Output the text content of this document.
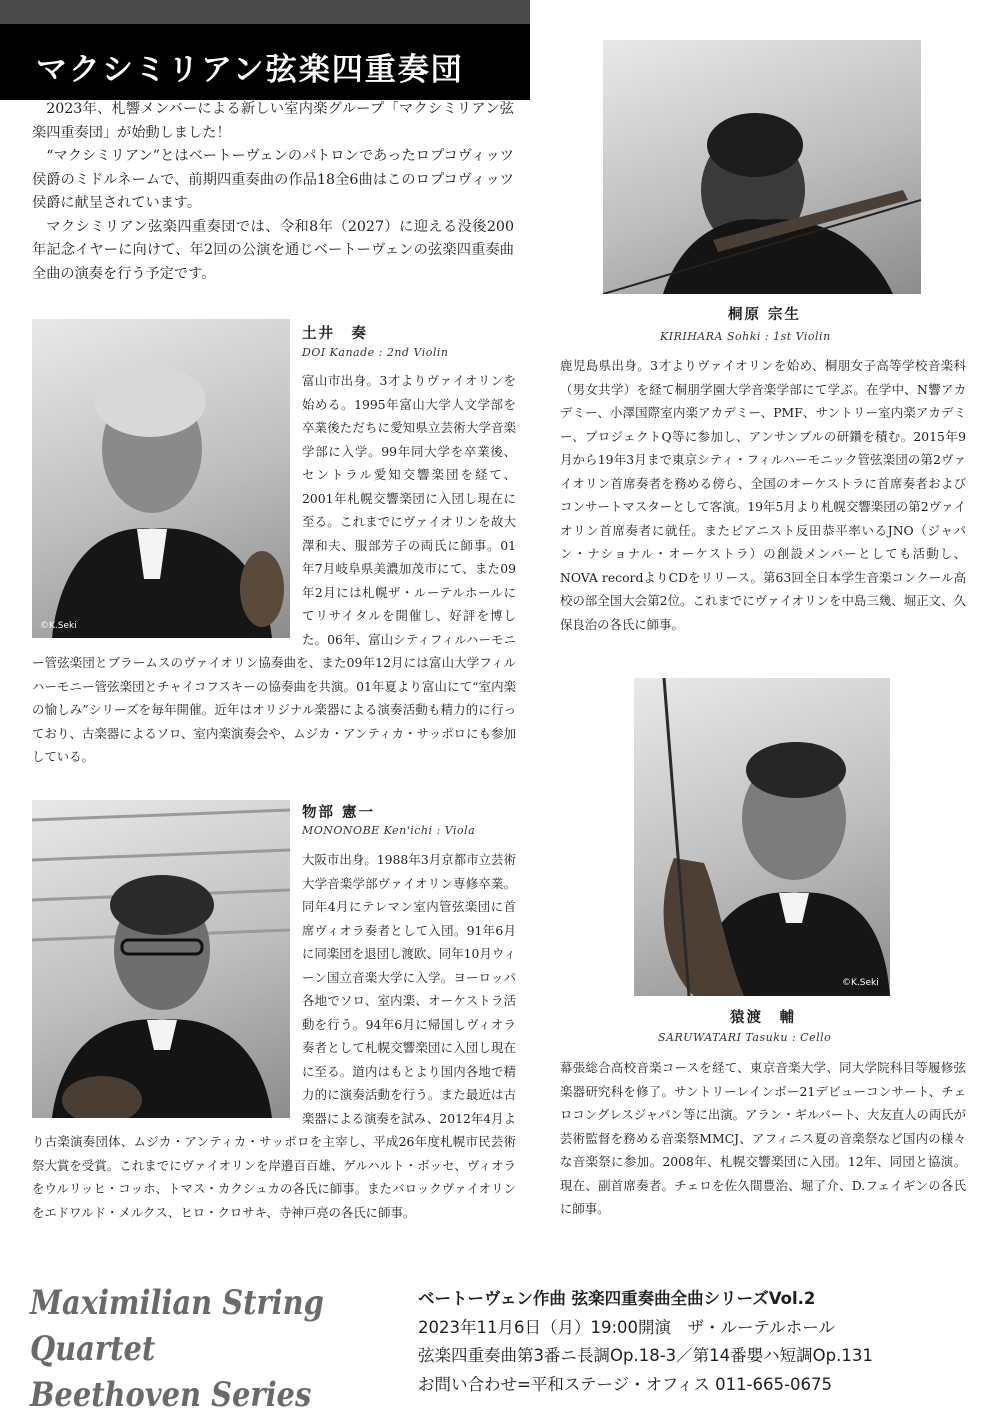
マクシミリアン弦楽四重奏団

2023年、札響メンバーによる新しい室内楽グループ「マクシミリアン弦楽四重奏団」が始動しました！

“マクシミリアン”とはベートーヴェンのパトロンであったロプコヴィッツ侯爵のミドルネームで、前期四重奏曲の作品18全6曲はこのロプコヴィッツ侯爵に献呈されています。

マクシミリアン弦楽四重奏団では、令和8年（2027）に迎える没後200年記念イヤーに向けて、年2回の公演を通じベートーヴェンの弦楽四重奏曲全曲の演奏を行う予定です。

桐原 宗生
KIRIHARA Sohki : 1st Violin
鹿児島県出身。3才よりヴァイオリンを始め、桐朋女子高等学校音楽科（男女共学）を経て桐朋学園大学音楽学部にて学ぶ。在学中、N響アカデミー、小澤国際室内楽アカデミー、PMF、サントリー室内楽アカデミー、プロジェクトQ等に参加し、アンサンブルの研鑽を積む。2015年9月から19年3月まで東京シティ・フィルハーモニック管弦楽団の第2ヴァイオリン首席奏者を務める傍ら、全国のオーケストラに首席奏者およびコンサートマスターとして客演。19年5月より札幌交響楽団の第2ヴァイオリン首席奏者に就任。またピアニスト反田恭平率いるJNO（ジャパン・ナショナル・オーケストラ）の創設メンバーとしても活動し、NOVA recordよりCDをリリース。第63回全日本学生音楽コンクール高校の部全国大会第2位。これまでにヴァイオリンを中島三幾、堀正文、久保良治の各氏に師事。
©K.Seki
土井　奏
DOI Kanade : 2nd Violin
富山市出身。3才よりヴァイオリンを始める。1995年富山大学人文学部を卒業後ただちに愛知県立芸術大学音楽学部に入学。99年同大学を卒業後、セントラル愛知交響楽団を経て、2001年札幌交響楽団に入団し現在に至る。これまでにヴァイオリンを故大澤和夫、服部芳子の両氏に師事。01年7月岐阜県美濃加茂市にて、また09年2月には札幌ザ・ルーテルホールにてリサイタルを開催し、好評を博した。06年、富山シティフィルハーモニー管弦楽団とブラームスのヴァイオリン協奏曲を、また09年12月には富山大学フィルハーモニー管弦楽団とチャイコフスキーの協奏曲を共演。01年夏より富山にて“室内楽の愉しみ”シリーズを毎年開催。近年はオリジナル楽器による演奏活動も精力的に行っており、古楽器によるソロ、室内楽演奏会や、ムジカ・アンティカ・サッポロにも参加している。
物部 憲一
MONONOBE Ken'ichi : Viola
大阪市出身。1988年3月京都市立芸術大学音楽学部ヴァイオリン専修卒業。同年4月にテレマン室内管弦楽団に首席ヴィオラ奏者として入団。91年6月に同楽団を退団し渡欧、同年10月ウィーン国立音楽大学に入学。ヨーロッパ各地でソロ、室内楽、オーケストラ活動を行う。94年6月に帰国しヴィオラ奏者として札幌交響楽団に入団し現在に至る。道内はもとより国内各地で精力的に演奏活動を行う。また最近は古楽器による演奏を試み、2012年4月より古楽演奏団体、ムジカ・アンティカ・サッポロを主宰し、平成26年度札幌市民芸術祭大賞を受賞。これまでにヴァイオリンを岸邉百百雄、ゲルハルト・ボッセ、ヴィオラをウルリッヒ・コッホ、トマス・カクシュカの各氏に師事。またバロックヴァイオリンをエドワルド・メルクス、ヒロ・クロサキ、寺神戸亮の各氏に師事。
©K.Seki
猿渡　輔
SARUWATARI Tasuku : Cello
幕張総合高校音楽コースを経て、東京音楽大学、同大学院科目等履修弦楽器研究科を修了。サントリーレインボー21デビューコンサート、チェロコングレスジャパン等に出演。アラン・ギルバート、大友直人の両氏が芸術監督を務める音楽祭MMCJ、アフィニス夏の音楽祭など国内の様々な音楽祭に参加。2008年、札幌交響楽団に入団。12年、同団と協演。現在、副首席奏者。チェロを佐久間豊治、堀了介、D.フェイギンの各氏に師事。
Maximilian String Quartet
Beethoven Series
ベートーヴェン作曲 弦楽四重奏曲全曲シリーズVol.2
2023年11月6日（月）19:00開演　ザ・ルーテルホール
弦楽四重奏曲第3番ニ長調Op.18-3／第14番嬰ハ短調Op.131
お問い合わせ=平和ステージ・オフィス 011-665-0675
